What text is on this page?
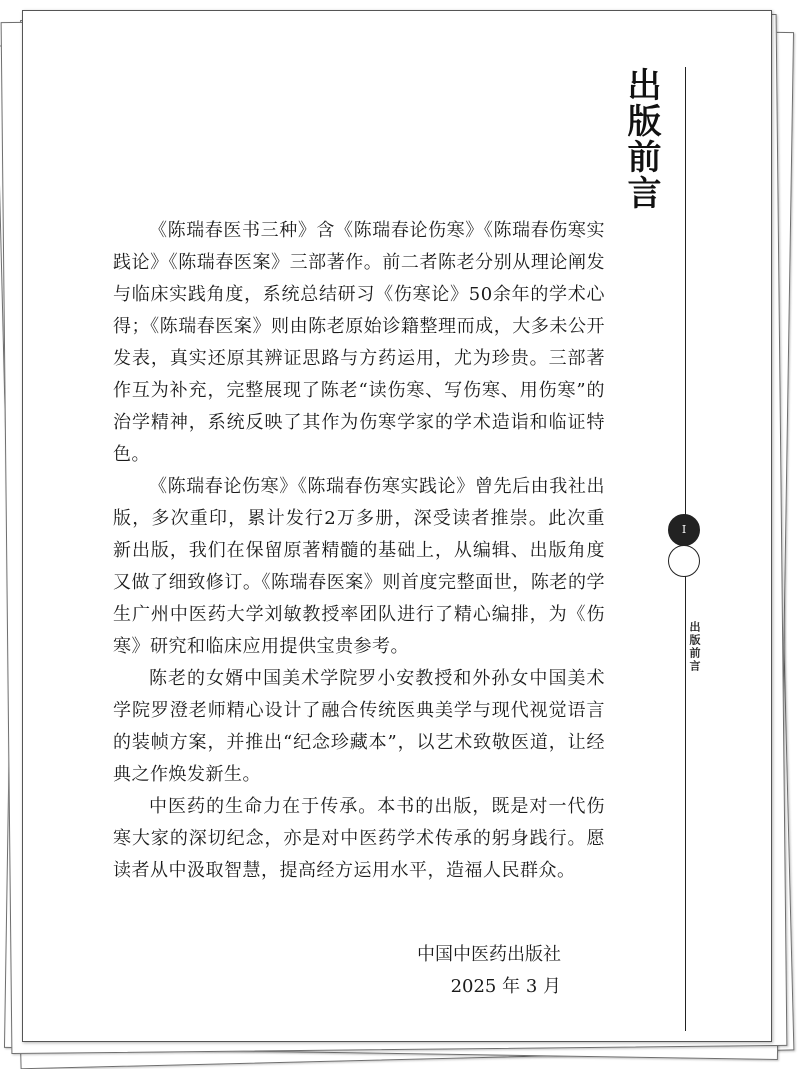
出版前言
I
出版前言

《陈瑞春医书三种》含《陈瑞春论伤寒》《陈瑞春伤寒实践论》《陈瑞春医案》三部著作。前二者陈老分别从理论阐发与临床实践角度，系统总结研习《伤寒论》50余年的学术心得；《陈瑞春医案》则由陈老原始诊籍整理而成，大多未公开发表，真实还原其辨证思路与方药运用，尤为珍贵。三部著作互为补充，完整展现了陈老“读伤寒、写伤寒、用伤寒”的治学精神，系统反映了其作为伤寒学家的学术造诣和临证特色。

《陈瑞春论伤寒》《陈瑞春伤寒实践论》曾先后由我社出版，多次重印，累计发行2万多册，深受读者推崇。此次重新出版，我们在保留原著精髓的基础上，从编辑、出版角度又做了细致修订。《陈瑞春医案》则首度完整面世，陈老的学生广州中医药大学刘敏教授率团队进行了精心编排，为《伤寒》研究和临床应用提供宝贵参考。

陈老的女婿中国美术学院罗小安教授和外孙女中国美术学院罗澄老师精心设计了融合传统医典美学与现代视觉语言的装帧方案，并推出“纪念珍藏本”，以艺术致敬医道，让经典之作焕发新生。

中医药的生命力在于传承。本书的出版，既是对一代伤寒大家的深切纪念，亦是对中医药学术传承的躬身践行。愿读者从中汲取智慧，提高经方运用水平，造福人民群众。

中国中医药出版社
2025 年 3 月
